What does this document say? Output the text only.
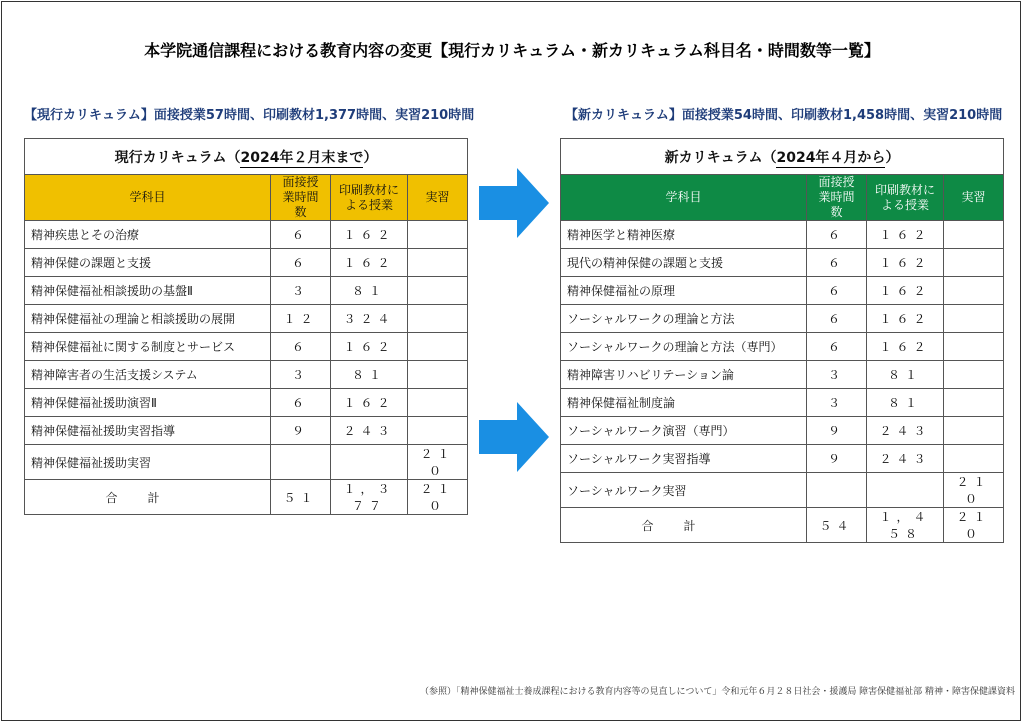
本学院通信課程における教育内容の変更【現行カリキュラム・新カリキュラム科目名・時間数等一覧】
【現行カリキュラム】面接授業57時間、印刷教材1,377時間、実習210時間	【新カリキュラム】面接授業54時間、印刷教材1,458時間、実習210時間
現行カリキュラム（2024年２月末まで）			
学科目	面接授業時間数	印刷教材による授業	実習
精神疾患とその治療	６	１６２	
精神保健の課題と支援	６	１６２	
精神保健福祉相談援助の基盤Ⅱ	３	８１	
精神保健福祉の理論と相談援助の展開	１２	３２４	
精神保健福祉に関する制度とサービス	６	１６２	
精神障害者の生活支援システム	３	８１	
精神保健福祉援助演習Ⅱ	６	１６２	
精神保健福祉援助実習指導	９	２４３	
精神保健福祉援助実習			２１０
合計	５１	１，３７７	２１０
新カリキュラム（2024年４月から）			
学科目	面接授業時間数	印刷教材による授業	実習
精神医学と精神医療	６	１６２	
現代の精神保健の課題と支援	６	１６２	
精神保健福祉の原理	６	１６２	
ソーシャルワークの理論と方法	６	１６２	
ソーシャルワークの理論と方法（専門）	６	１６２	
精神障害リハビリテーション論	３	８１	
精神保健福祉制度論	３	８１	
ソーシャルワーク演習（専門）	９	２４３	
ソーシャルワーク実習指導	９	２４３	
ソーシャルワーク実習			２１０
合計	５４	１，４５８	２１０
（参照）「精神保健福祉士養成課程における教育内容等の見直しについて」令和元年６月２８日社会・援護局 障害保健福祉部 精神・障害保健課資料
